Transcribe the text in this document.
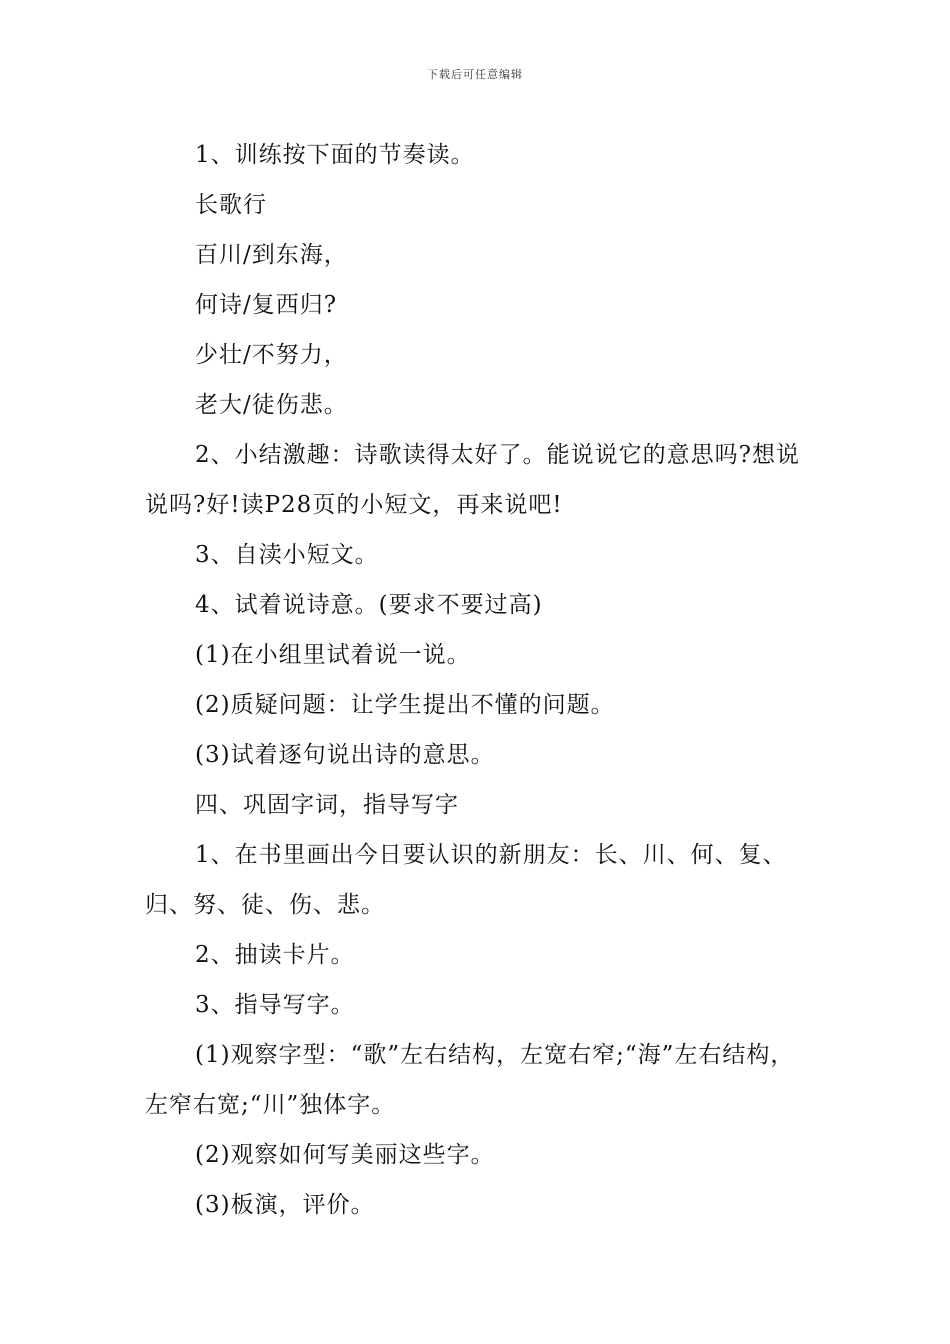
下载后可任意编辑

1、训练按下面的节奏读。

长歌行

百川/到东海，

何诗/复西归?

少壮/不努力，

老大/徒伤悲。

2、小结激趣：诗歌读得太好了。能说说它的意思吗?想说说吗?好!读P28页的小短文，再来说吧!

3、自渎小短文。

4、试着说诗意。(要求不要过高)

(1)在小组里试着说一说。

(2)质疑问题：让学生提出不懂的问题。

(3)试着逐句说出诗的意思。

四、巩固字词，指导写字

1、在书里画出今日要认识的新朋友：长、川、何、复、归、努、徒、伤、悲。

2、抽读卡片。

3、指导写字。

(1)观察字型：“歌”左右结构，左宽右窄;“海”左右结构，左窄右宽;“川”独体字。

(2)观察如何写美丽这些字。

(3)板演，评价。
